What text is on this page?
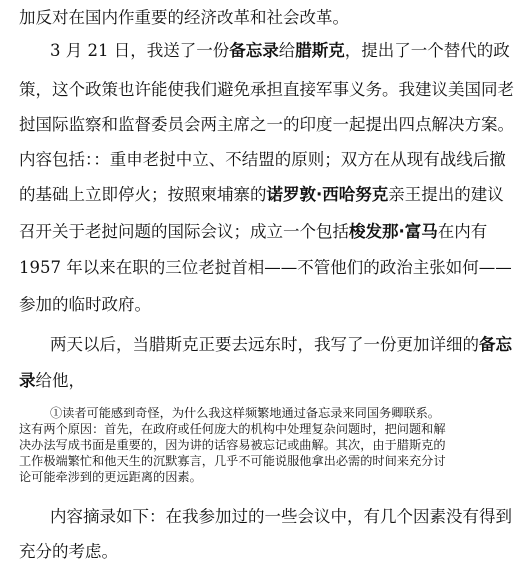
加反对在国内作重要的经济改革和社会改革。
3 月 21 日，我送了一份备忘录给腊斯克，提出了一个替代的政
策，这个政策也许能使我们避免承担直接军事义务。我建议美国同老
挝国际监察和监督委员会两主席之一的印度一起提出四点解决方案。
内容包括：：重申老挝中立、不结盟的原则；双方在从现有战线后撤
的基础上立即停火；按照柬埔寨的诺罗敦·西哈努克亲王提出的建议
召开关于老挝问题的国际会议；成立一个包括梭发那·富马在内有
1957 年以来在职的三位老挝首相——不管他们的政治主张如何——
参加的临时政府。
两天以后，当腊斯克正要去远东时，我写了一份更加详细的备忘
录给他，
①读者可能感到奇怪，为什么我这样频繁地通过备忘录来同国务卿联系。
这有两个原因：首先，在政府或任何庞大的机构中处理复杂问题时，把问题和解
决办法写成书面是重要的，因为讲的话容易被忘记或曲解。其次，由于腊斯克的
工作极端繁忙和他天生的沉默寡言，几乎不可能说服他拿出必需的时间来充分讨
论可能牵涉到的更远距离的因素。
内容摘录如下：在我参加过的一些会议中，有几个因素没有得到
充分的考虑。
